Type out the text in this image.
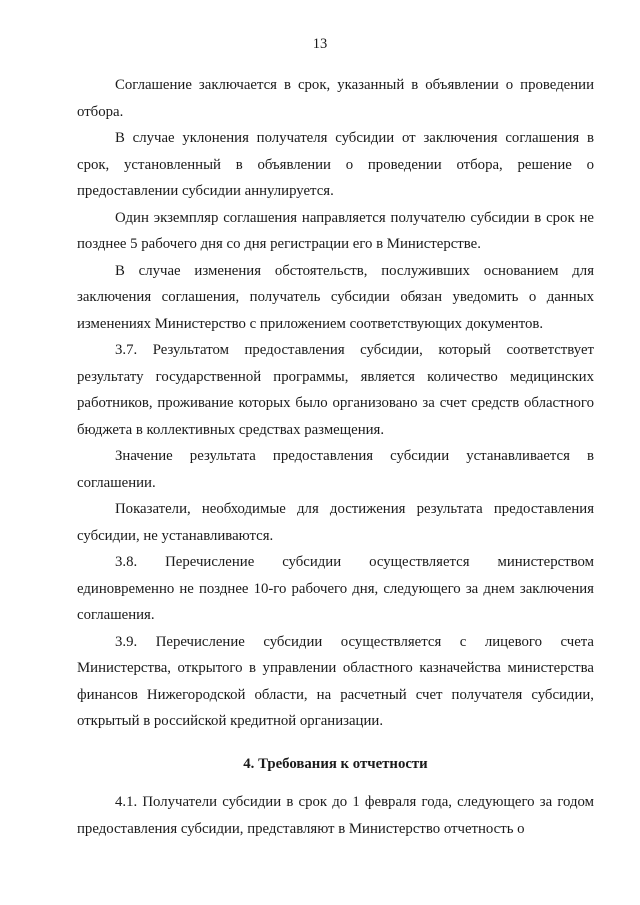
13

Соглашение заключается в срок, указанный в объявлении о проведении отбора.

В случае уклонения получателя субсидии от заключения соглашения в срок, установленный в объявлении о проведении отбора, решение о предоставлении субсидии аннулируется.

Один экземпляр соглашения направляется получателю субсидии в срок не позднее 5 рабочего дня со дня регистрации его в Министерстве.

В случае изменения обстоятельств, послуживших основанием для заключения соглашения, получатель субсидии обязан уведомить о данных изменениях Министерство с приложением соответствующих документов.

3.7. Результатом предоставления субсидии, который соответствует результату государственной программы, является количество медицинских работников, проживание которых было организовано за счет средств областного бюджета в коллективных средствах размещения.

Значение результата предоставления субсидии устанавливается в соглашении.

Показатели, необходимые для достижения результата предоставления субсидии, не устанавливаются.

3.8. Перечисление субсидии осуществляется министерством единовременно не позднее 10-го рабочего дня, следующего за днем заключения соглашения.

3.9. Перечисление субсидии осуществляется с лицевого счета Министерства, открытого в управлении областного казначейства министерства финансов Нижегородской области, на расчетный счет получателя субсидии, открытый в российской кредитной организации.

4. Требования к отчетности

4.1. Получатели субсидии в срок до 1 февраля года, следующего за годом предоставления субсидии, представляют в Министерство отчетность о
